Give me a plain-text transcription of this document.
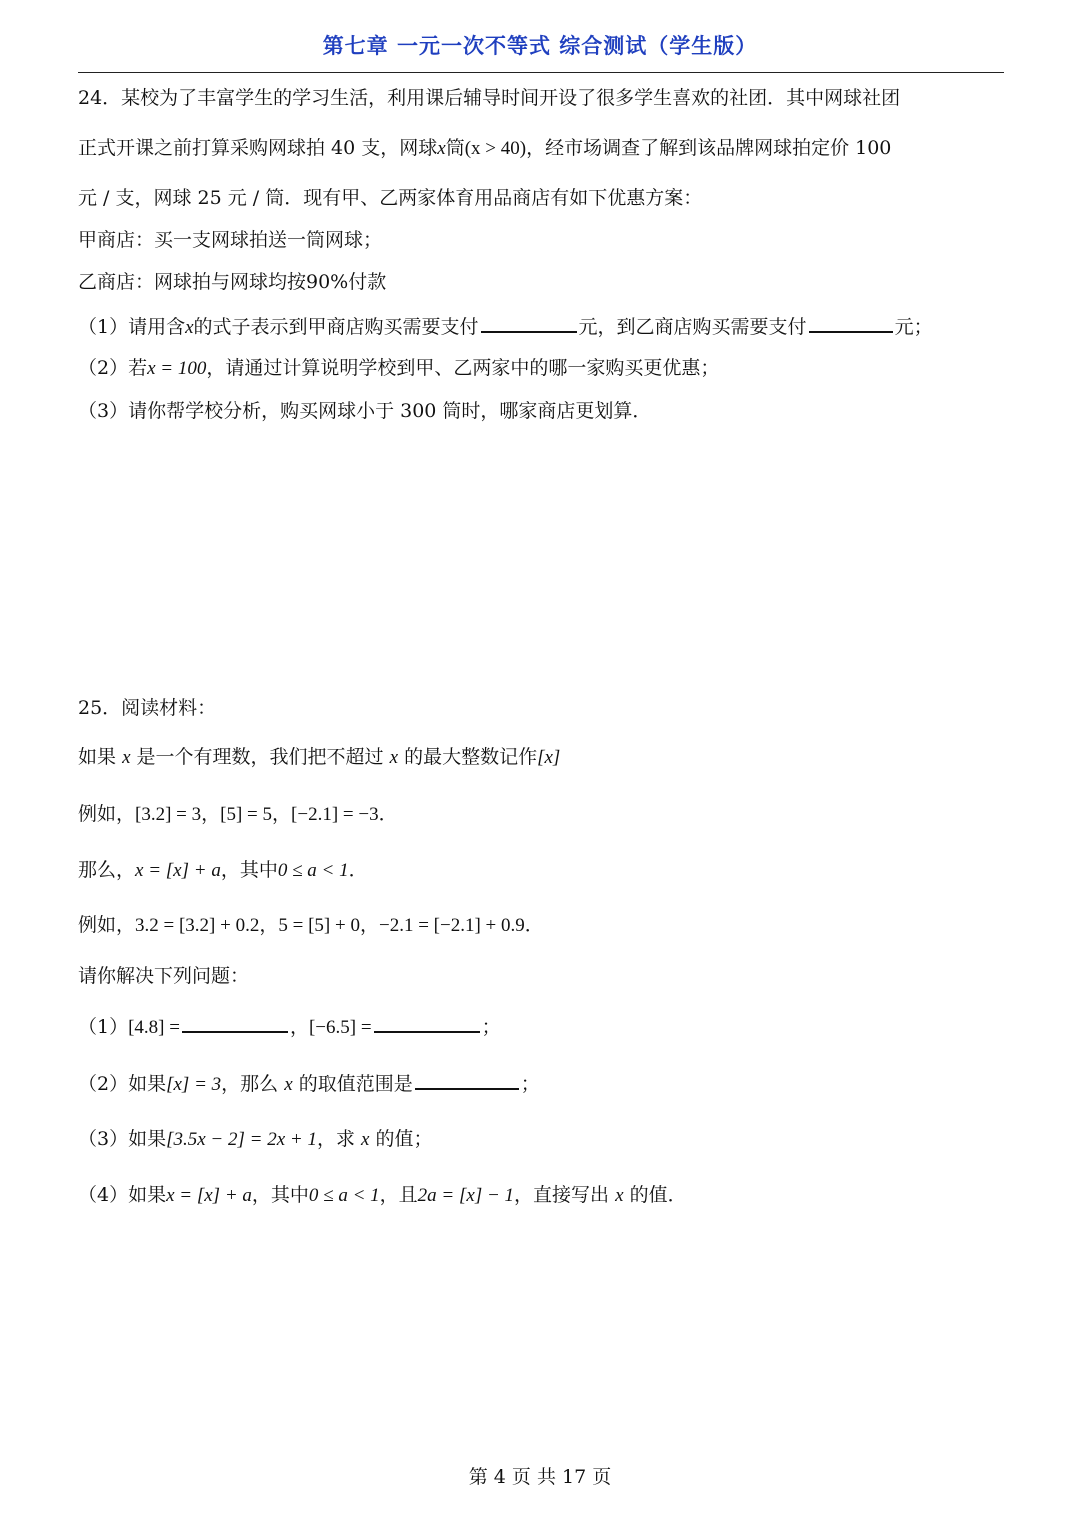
第七章 一元一次不等式 综合测试（学生版）
24．某校为了丰富学生的学习生活，利用课后辅导时间开设了很多学生喜欢的社团．其中网球社团
正式开课之前打算采购网球拍 40 支，网球x筒(x > 40)，经市场调查了解到该品牌网球拍定价 100
元 / 支，网球 25 元 / 筒．现有甲、乙两家体育用品商店有如下优惠方案：
甲商店：买一支网球拍送一筒网球；
乙商店：网球拍与网球均按90%付款
（1）请用含x的式子表示到甲商店购买需要支付	元，到乙商店购买需要支付	元；
（2）若x = 100，请通过计算说明学校到甲、乙两家中的哪一家购买更优惠；
（3）请你帮学校分析，购买网球小于 300 筒时，哪家商店更划算．
25．阅读材料：
如果 x 是一个有理数，我们把不超过 x 的最大整数记作[x]
例如，[3.2] = 3，[5] = 5，[−2.1] = −3．
那么，x = [x] + a，其中0 ≤ a < 1．
例如，3.2 = [3.2] + 0.2，5 = [5] + 0，−2.1 = [−2.1] + 0.9．
请你解决下列问题：
（1）[4.8] =	，[−6.5] =	；
（2）如果[x] = 3，那么 x 的取值范围是	；
（3）如果[3.5x − 2] = 2x + 1，求 x 的值；
（4）如果x = [x] + a，其中0 ≤ a < 1，且2a = [x] − 1，直接写出 x 的值．
第 4 页 共 17 页
